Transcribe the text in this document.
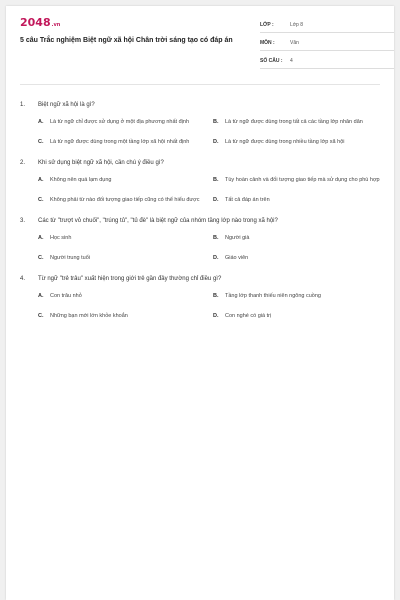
2048.vn
5 câu Trắc nghiệm Biệt ngữ xã hội Chân trời sáng tạo có đáp án
LỚP :	Lớp 8
MÔN :	Văn
SỐ CÂU :	4
1.	Biệt ngữ xã hội là gì?
A.	Là từ ngữ chỉ được sử dụng ở một địa phương nhất định	B.	Là từ ngữ được dùng trong tất cả các tầng lớp nhân dân
C.	Là từ ngữ được dùng trong một tầng lớp xã hội nhất định	D.	Là từ ngữ được dùng trong nhiều tầng lớp xã hội
2.	Khi sử dụng biệt ngữ xã hội, cần chú ý điều gì?
A.	Không nên quá lạm dụng	B.	Tùy hoàn cảnh và đối tượng giao tiếp mà sử dụng cho phù hợp
C.	Không phải từ nào đối tượng giao tiếp cũng có thể hiểu được	D.	Tất cả đáp án trên
3.	Các từ "trượt vỏ chuối", "trúng tủ", "tủ đè" là biệt ngữ của nhóm tầng lớp nào trong xã hội?
A.	Học sinh	B.	Người già
C.	Người trung tuổi	D.	Giáo viên
4.	Từ ngữ "trẻ trâu" xuất hiện trong giới trẻ gần đây thường chỉ điều gì?
A.	Con trâu nhỏ	B.	Tầng lớp thanh thiếu niên ngông cuồng
C.	Những bạn mới lớn khỏe khoắn	D.	Con nghé có giá trị
